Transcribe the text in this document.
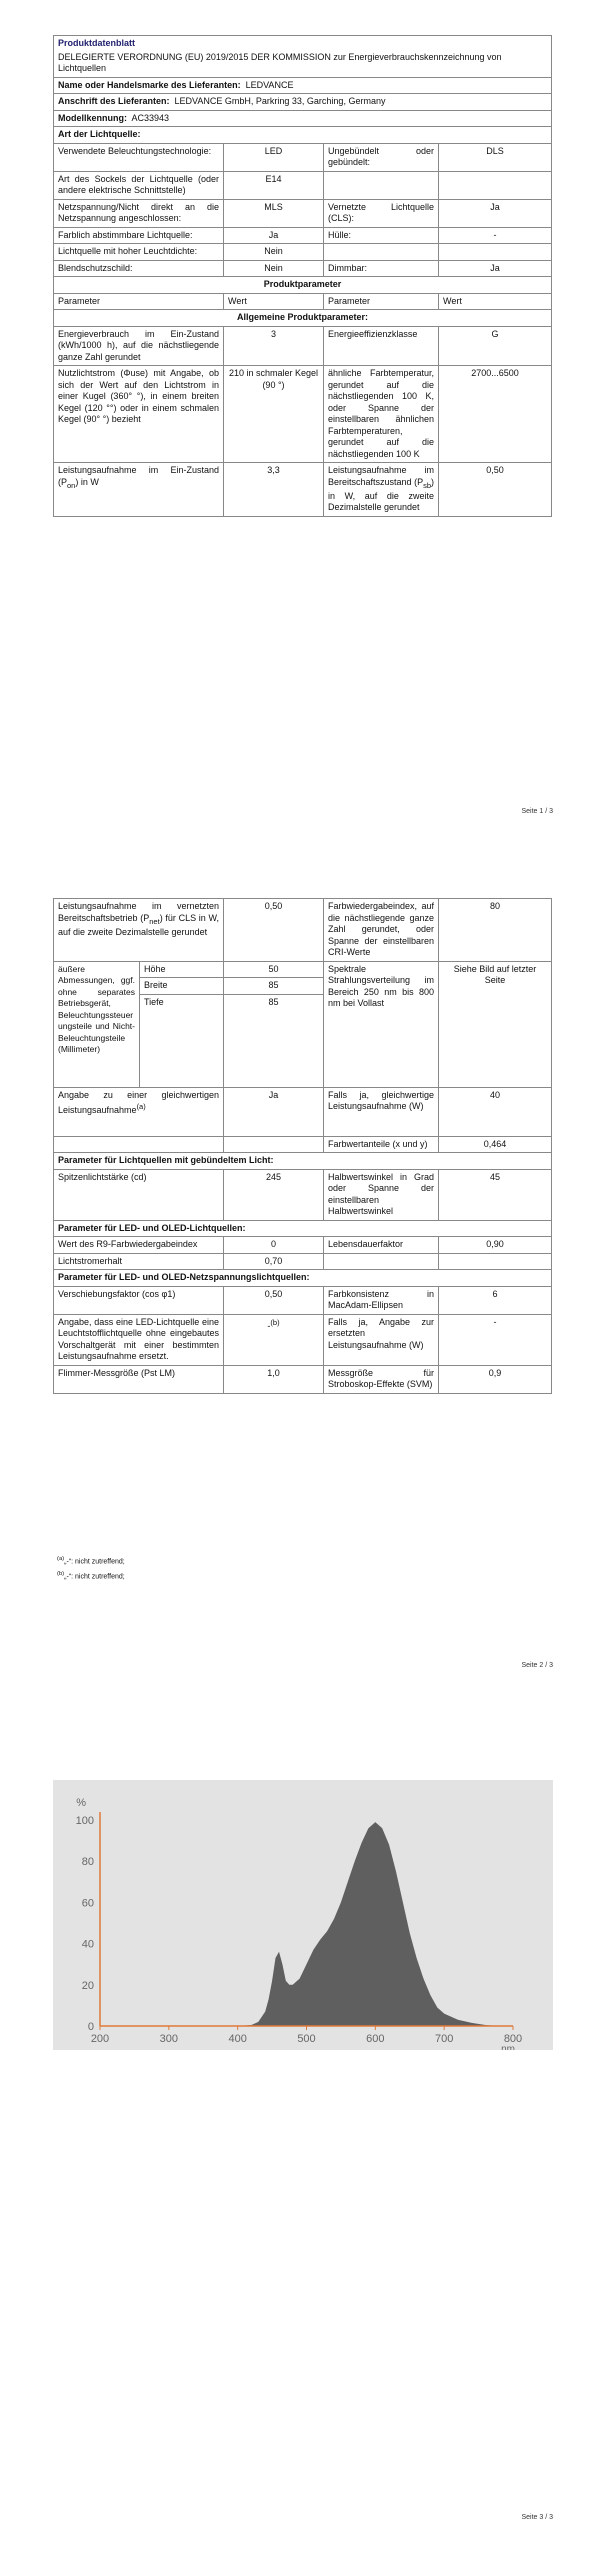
Produktdatenblatt			
DELEGIERTE VERORDNUNG (EU) 2019/2015 DER KOMMISSION zur Energieverbrauchskennzeichnung von Lichtquellen			
Name oder Handelsmarke des Lieferanten: LEDVANCE			
Anschrift des Lieferanten: LEDVANCE GmbH, Parkring 33, Garching, Germany			
Modellkennung: AC33943			
Art der Lichtquelle:			
Verwendete Beleuchtungstechnologie:	LED	Ungebündelt oder gebündelt:	DLS
Art des Sockels der Lichtquelle (oder andere elektrische Schnittstelle)	E14		
Netzspannung/Nicht direkt an die Netzspannung angeschlossen:	MLS	Vernetzte Lichtquelle (CLS):	Ja
Farblich abstimmbare Lichtquelle:	Ja	Hülle:	-
Lichtquelle mit hoher Leuchtdichte:	Nein		
Blendschutzschild:	Nein	Dimmbar:	Ja
Produktparameter			
Parameter	Wert	Parameter	Wert
Allgemeine Produktparameter:			
Energieverbrauch im Ein-Zustand (kWh/1000 h), auf die nächstliegende ganze Zahl gerundet	3	Energieeffizienzklasse	G
Nutzlichtstrom (Φuse) mit Angabe, ob sich der Wert auf den Lichtstrom in einer Kugel (360° °), in einem breiten Kegel (120 °°) oder in einem schmalen Kegel (90° °) bezieht	210 in schmaler Kegel (90 °)	ähnliche Farbtemperatur, gerundet auf die nächstliegenden 100 K, oder Spanne der einstellbaren ähnlichen Farbtemperaturen, gerundet auf die nächstliegenden 100 K	2700...6500
Leistungsaufnahme im Ein-Zustand $(P_{on})$ in W	3,3	Leistungsaufnahme im Bereitschaftszustand $(P_{sb})$ in W, auf die zweite Dezimalstelle gerundet	0,50
Seite 1 / 3
Leistungsaufnahme im vernetzten Bereitschaftsbetrieb $(P_{net})$ für CLS in W, auf die zweite Dezimalstelle gerundet		0,50	Farbwiedergabeindex, auf die nächstliegende ganze Zahl gerundet, oder Spanne der einstellbaren CRI-Werte	80
äußere Abmessungen, ggf. ohne separates Betriebsgerät, Beleuchtungssteuerungsteile und Nicht-Beleuchtungsteile (Millimeter)	Höhe	50	Spektrale Strahlungsverteilung im Bereich 250 nm bis 800 nm bei Vollast	Siehe Bild auf letzter Seite
	Breite	85		
	Tiefe	85		
Angabe zu einer gleichwertigen Leistungsaufnahme$^{(a)}$		Ja	Falls ja, gleichwertige Leistungsaufnahme (W)	40
			Farbwertanteile (x und y)	0,464
Parameter für Lichtquellen mit gebündeltem Licht:				
Spitzenlichtstärke (cd)		245	Halbwertswinkel in Grad oder Spanne der einstellbaren Halbwertswinkel	45
Parameter für LED- und OLED-Lichtquellen:				
Wert des R9-Farbwiedergabeindex		0	Lebensdauerfaktor	0,90
Lichtstromerhalt		0,70		
Parameter für LED- und OLED-Netzspannungslichtquellen:				
Verschiebungsfaktor (cos φ1)		0,50	Farbkonsistenz in MacAdam-Ellipsen	6
Angabe, dass eine LED-Lichtquelle eine Leuchtstofflichtquelle ohne eingebautes Vorschaltgerät mit einer bestimmten Leistungsaufnahme ersetzt.		-$^{(b)}$	Falls ja, Angabe zur ersetzten Leistungsaufnahme (W)	-
Flimmer-Messgröße (Pst LM)		1,0	Messgröße für Stroboskop-Effekte (SVM)	0,9
$^{(a)}$„-“: nicht zutreffend;
$^{(b)}$„-“: nicht zutreffend;
Seite 2 / 3
200	300	400	500	600	700	800
0
20
40
60
80
100
nm
%
Seite 3 / 3
